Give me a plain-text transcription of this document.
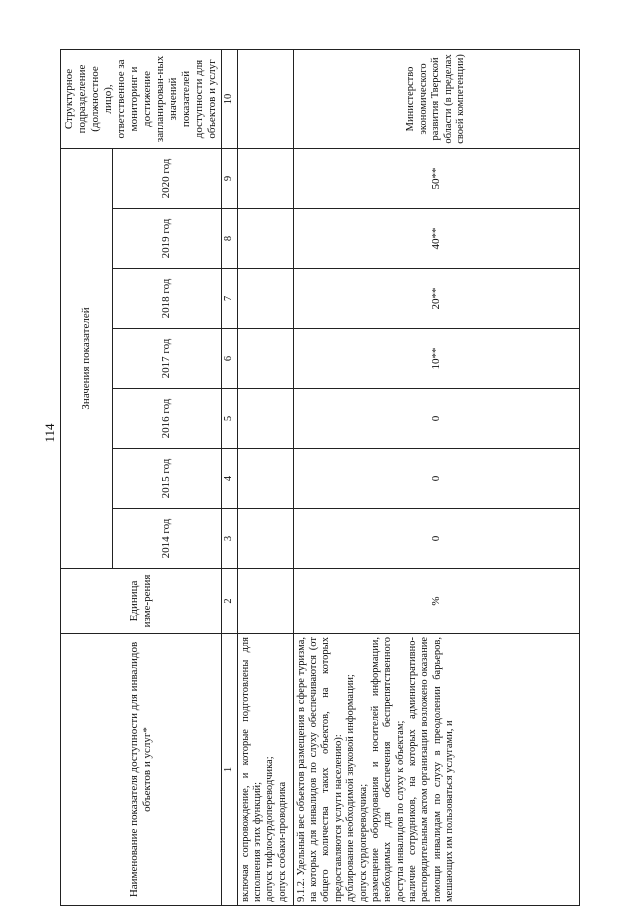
114
Наименование показателя доступности для инвалидов объектов и услуг*	Единица изме-рения	Значения показателей							Структурное подразделение (должностное лицо), ответственное за мониторинг и достижение запланирован-ных значений показателей доступности для объектов и услуг
		2014 год	2015 год	2016 год	2017 год	2018 год	2019 год	2020 год	
1	2	3	4	5	6	7	8	9	10

включая сопровождение, и которые подготовлены для исполнения этих функций; допуск тифлосурдопереводчика; допуск собаки-проводника									

9.1.2. Удельный вес объектов размещения в сфере туризма, на которых для инвалидов по слуху обеспечиваются (от общего количества таких объектов, на которых предоставляются услуги населению): дублирование необходимой звуковой информации; допуск сурдопереводчика; размещение оборудования и носителей информации, необходимых для обеспечения беспрепятственного доступа инвалидов по слуху к объектам; наличие сотрудников, на которых административно-распорядительным актом организации возложено оказание помощи инвалидам по слуху в преодолении барьеров, мешающих им пользоваться услугами, и	%	0	0	0	10**	20**	40**	50**	Министерство экономического развития Тверской области (в пределах своей компетенции)
